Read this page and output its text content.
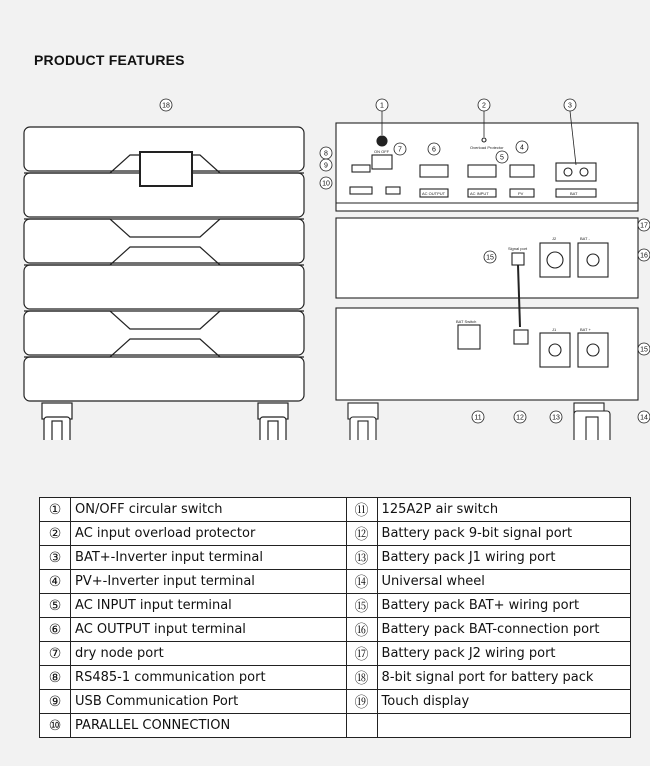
PRODUCT FEATURES
ON OFF
Overload Protector
AC OUTPUT	AC INPUT	PV	BAT
BAT -
BAT +
Signal port
BAT Switch
J2
J1
1	2	3
4
5
6
7
8
9
10
11	12	13	14
15	16
17
18
15
①	ON/OFF circular switch	⑪	125A2P air switch
②	AC input overload protector	⑫	Battery pack 9-bit signal port
③	BAT+-Inverter input terminal	⑬	Battery pack J1 wiring port
④	PV+-Inverter input terminal	⑭	Universal wheel
⑤	AC INPUT input terminal	⑮	Battery pack BAT+ wiring port
⑥	AC OUTPUT input terminal	⑯	Battery pack BAT-connection port
⑦	dry node port	⑰	Battery pack J2 wiring port
⑧	RS485-1 communication port	⑱	8-bit signal port for battery pack
⑨	USB Communication Port	⑲	Touch display
⑩	PARALLEL CONNECTION		
